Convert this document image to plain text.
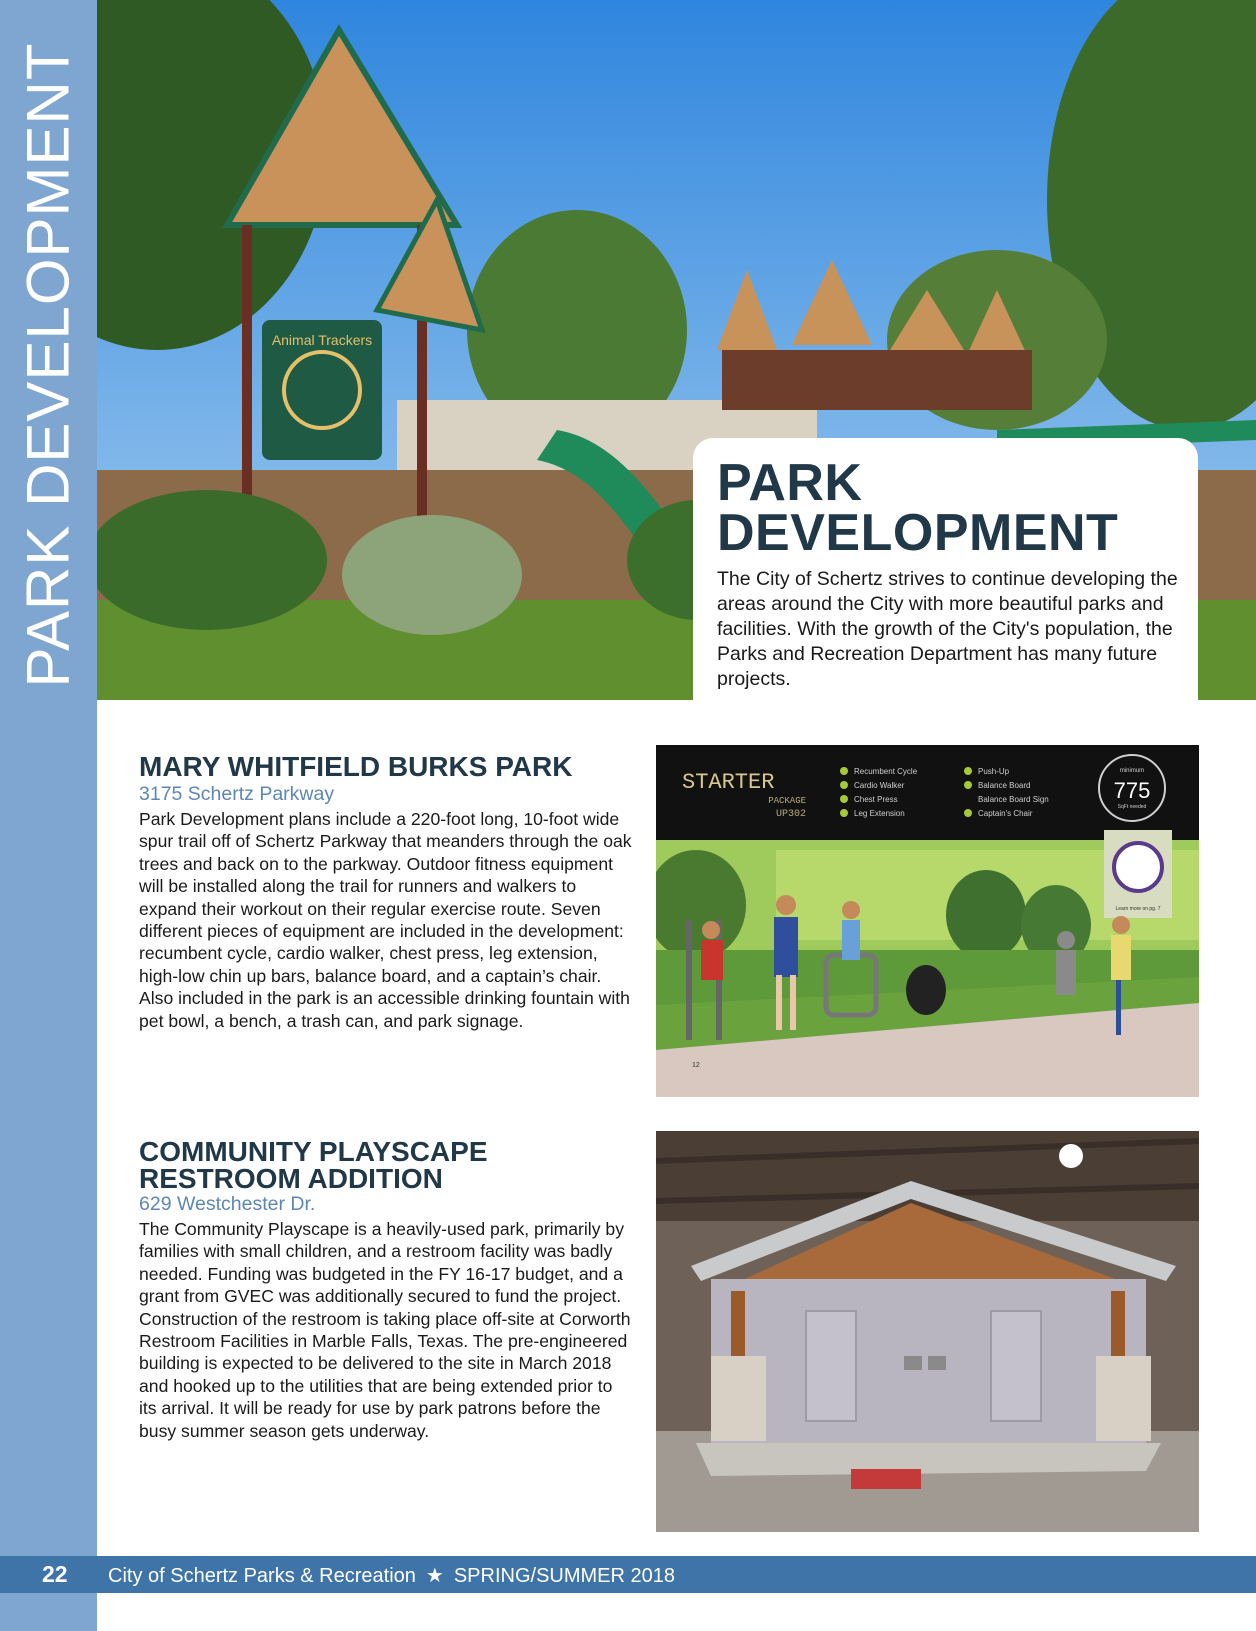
PARK DEVELOPMENT	Animal Trackers
PARK
DEVELOPMENT

The City of Schertz strives to continue developing the areas around the City with more beautiful parks and facilities. With the growth of the City's population, the Parks and Recreation Department has many future projects.

MARY WHITFIELD BURKS PARK

3175 Schertz Parkway

Park Development plans include a 220-foot long, 10-foot wide spur trail off of Schertz Parkway that meanders through the oak trees and back on to the parkway. Outdoor fitness equipment will be installed along the trail for runners and walkers to expand their workout on their regular exercise route. Seven different pieces of equipment are included in the development: recumbent cycle, cardio walker, chest press, leg extension, high-low chin up bars, balance board, and a captain’s chair. Also included in the park is an accessible drinking fountain with pet bowl, a bench, a trash can, and park signage.

STARTER
PACKAGE
UP302
Recumbent Cycle
Cardio Walker
Chest Press
Leg Extension
Push-Up
Balance Board
Balance Board Sign
Captain's Chair
minimum
775
SqFt needed
Learn more on pg. 7
12
COMMUNITY PLAYSCAPE
RESTROOM ADDITION

629 Westchester Dr.

The Community Playscape is a heavily-used park, primarily by families with small children, and a restroom facility was badly needed. Funding was budgeted in the FY 16-17 budget, and a grant from GVEC was additionally secured to fund the project. Construction of the restroom is taking place off-site at Corworth Restroom Facilities in Marble Falls, Texas. The pre-engineered building is expected to be delivered to the site in March 2018 and hooked up to the utilities that are being extended prior to its arrival. It will be ready for use by park patrons before the busy summer season gets underway.

22 City of Schertz Parks & Recreation ★ SPRING/SUMMER 2018
